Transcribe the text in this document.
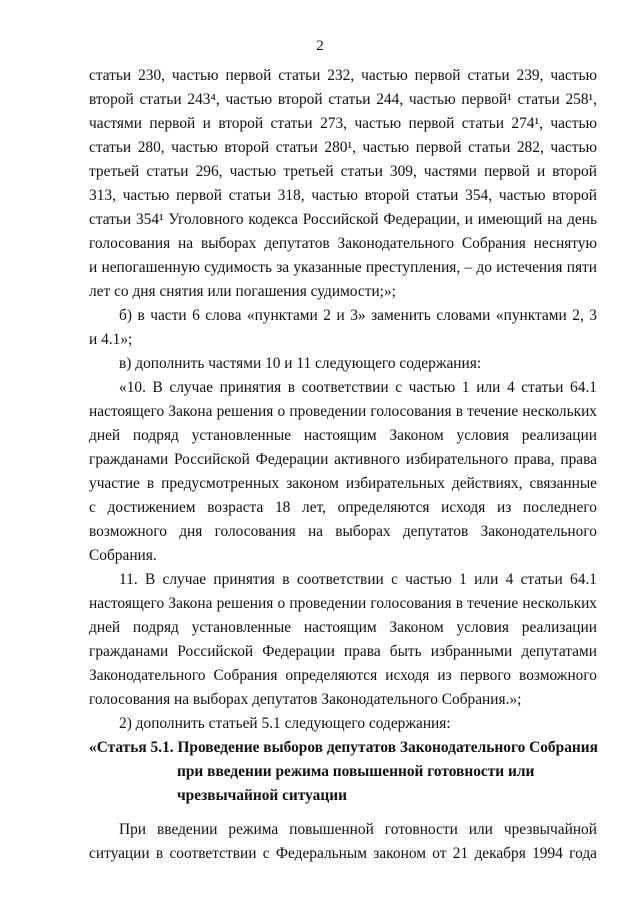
2
статьи 230, частью первой статьи 232, частью первой статьи 239, частью
второй статьи 243⁴, частью второй статьи 244, частью первой¹ статьи 258¹,
частями первой и второй статьи 273, частью первой статьи 274¹, частью
статьи 280, частью второй статьи 280¹, частью первой статьи 282, частью
третьей статьи 296, частью третьей статьи 309, частями первой и второй
313, частью первой статьи 318, частью второй статьи 354, частью второй
статьи 354¹ Уголовного кодекса Российской Федерации, и имеющий на день
голосования на выборах депутатов Законодательного Собрания неснятую
и непогашенную судимость за указанные преступления, – до истечения пяти
лет со дня снятия или погашения судимости;»;
б) в части 6 слова «пунктами 2 и 3» заменить словами «пунктами 2, 3
и 4.1»;
в) дополнить частями 10 и 11 следующего содержания:
«10. В случае принятия в соответствии с частью 1 или 4 статьи 64.1
настоящего Закона решения о проведении голосования в течение нескольких
дней подряд установленные настоящим Законом условия реализации
гражданами Российской Федерации активного избирательного права, права
участие в предусмотренных законом избирательных действиях, связанные
с достижением возраста 18 лет, определяются исходя из последнего
возможного дня голосования на выборах депутатов Законодательного
Собрания.
11. В случае принятия в соответствии с частью 1 или 4 статьи 64.1
настоящего Закона решения о проведении голосования в течение нескольких
дней подряд установленные настоящим Законом условия реализации
гражданами Российской Федерации права быть избранными депутатами
Законодательного Собрания определяются исходя из первого возможного
голосования на выборах депутатов Законодательного Собрания.»;
2) дополнить статьей 5.1 следующего содержания:
«Статья 5.1. Проведение выборов депутатов Законодательного Собрания
при введении режима повышенной готовности или
чрезвычайной ситуации
При введении режима повышенной готовности или чрезвычайной
ситуации в соответствии с Федеральным законом от 21 декабря 1994 года
